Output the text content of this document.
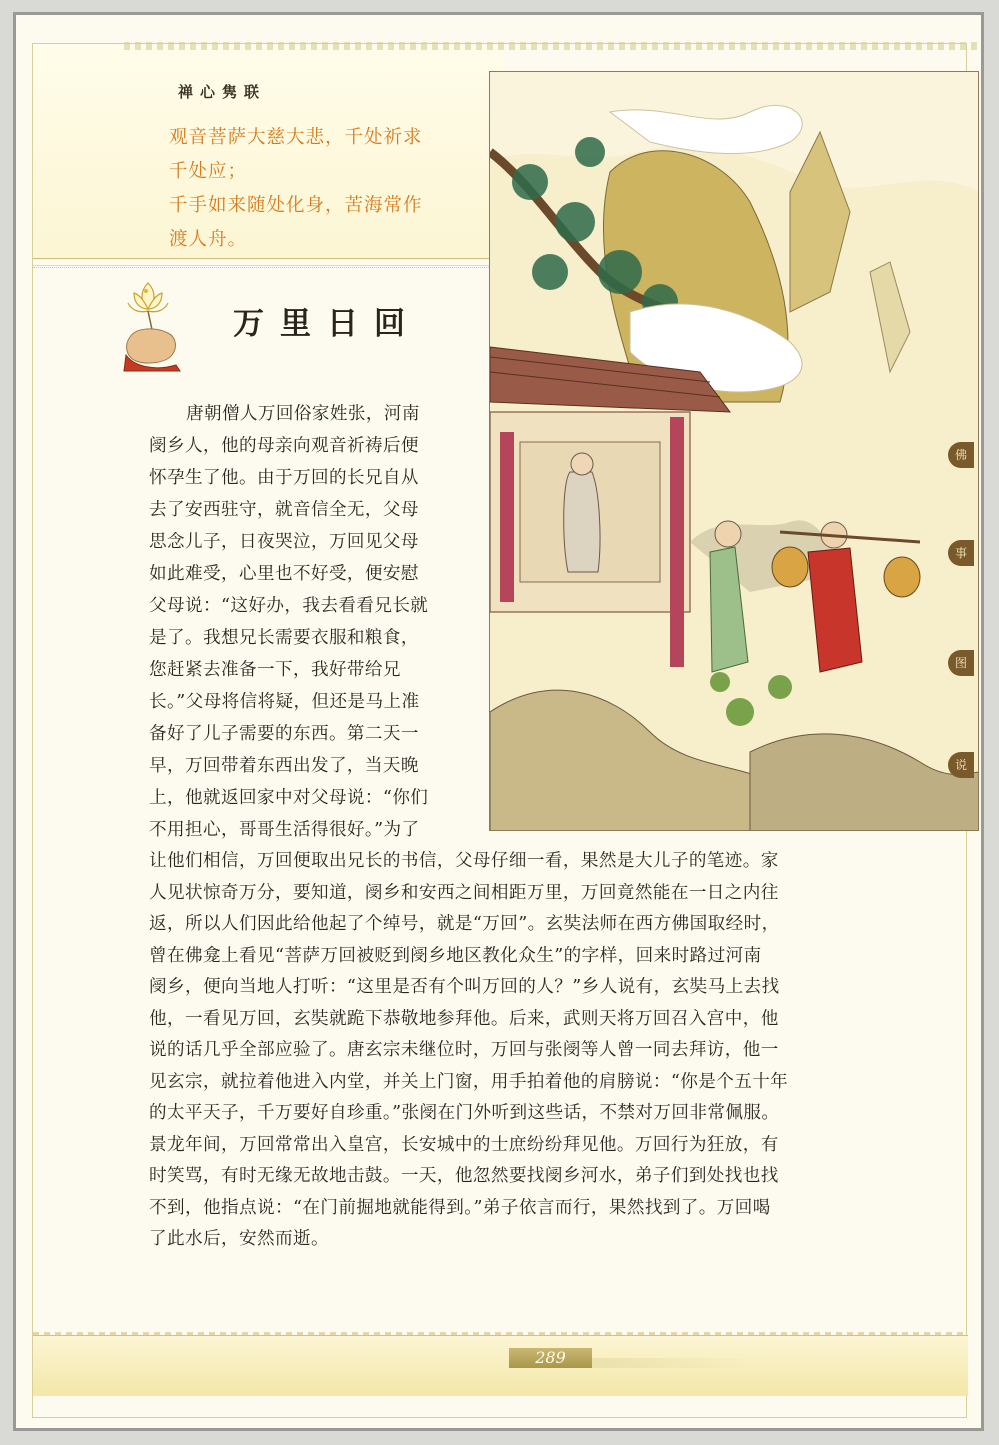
禅心隽联
观音菩萨大慈大悲，千处祈求
千处应；
千手如来随处化身，苦海常作
渡人舟。
万里日回
佛
事
图
说
唐朝僧人万回俗家姓张，河南
阌乡人，他的母亲向观音祈祷后便
怀孕生了他。由于万回的长兄自从
去了安西驻守，就音信全无，父母
思念儿子，日夜哭泣，万回见父母
如此难受，心里也不好受，便安慰
父母说：“这好办，我去看看兄长就
是了。我想兄长需要衣服和粮食，
您赶紧去准备一下，我好带给兄
长。”父母将信将疑，但还是马上准
备好了儿子需要的东西。第二天一
早，万回带着东西出发了，当天晚
上，他就返回家中对父母说：“你们
不用担心，哥哥生活得很好。”为了
让他们相信，万回便取出兄长的书信，父母仔细一看，果然是大儿子的笔迹。家
人见状惊奇万分，要知道，阌乡和安西之间相距万里，万回竟然能在一日之内往
返，所以人们因此给他起了个绰号，就是“万回”。玄奘法师在西方佛国取经时，
曾在佛龛上看见“菩萨万回被贬到阌乡地区教化众生”的字样，回来时路过河南
阌乡，便向当地人打听：“这里是否有个叫万回的人？”乡人说有，玄奘马上去找
他，一看见万回，玄奘就跪下恭敬地参拜他。后来，武则天将万回召入宫中，他
说的话几乎全部应验了。唐玄宗未继位时，万回与张阌等人曾一同去拜访，他一
见玄宗，就拉着他进入内堂，并关上门窗，用手拍着他的肩膀说：“你是个五十年
的太平天子，千万要好自珍重。”张阌在门外听到这些话，不禁对万回非常佩服。
景龙年间，万回常常出入皇宫，长安城中的士庶纷纷拜见他。万回行为狂放，有
时笑骂，有时无缘无故地击鼓。一天，他忽然要找阌乡河水，弟子们到处找也找
不到，他指点说：“在门前掘地就能得到。”弟子依言而行，果然找到了。万回喝
了此水后，安然而逝。
289
